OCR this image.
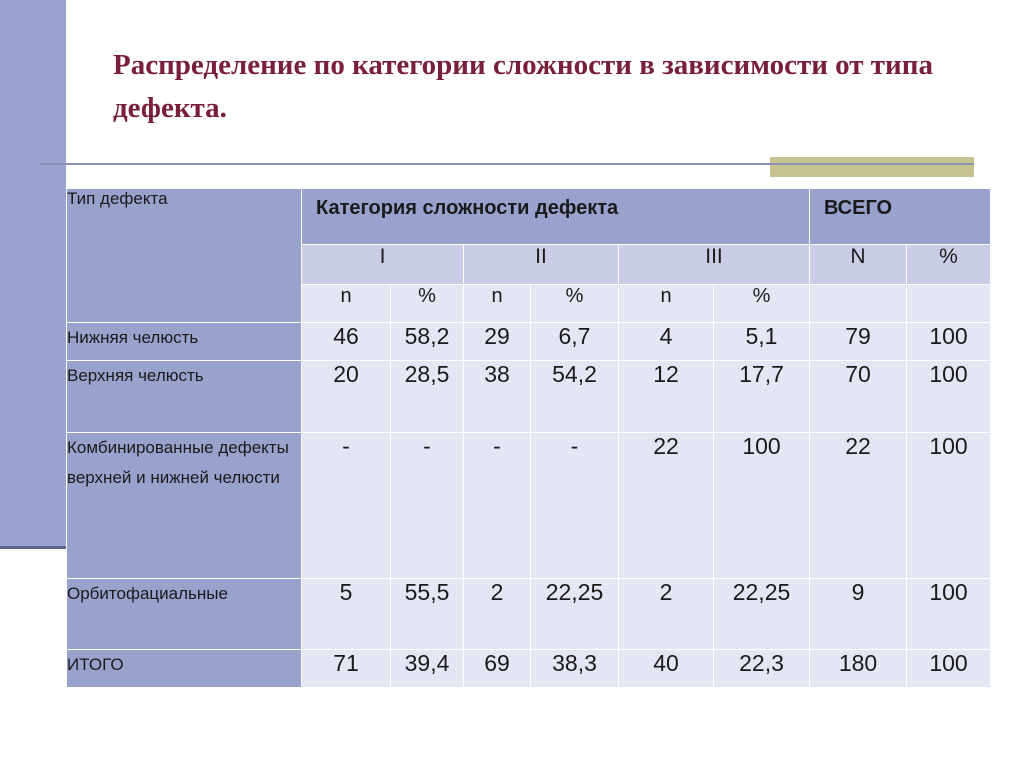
Распределение по категории сложности в зависимости от типа дефекта.
Тип дефекта	Категория сложности дефекта						ВСЕГО	
	I		II		III		N	%
	n	%	n	%	n	%		
Нижняя челюсть	46	58,2	29	6,7	4	5,1	79	100
Верхняя челюсть	20	28,5	38	54,2	12	17,7	70	100
Комбинированные дефекты верхней и нижней челюсти	-	-	-	-	22	100	22	100
Орбитофациальные	5	55,5	2	22,25	2	22,25	9	100
ИТОГО	71	39,4	69	38,3	40	22,3	180	100
